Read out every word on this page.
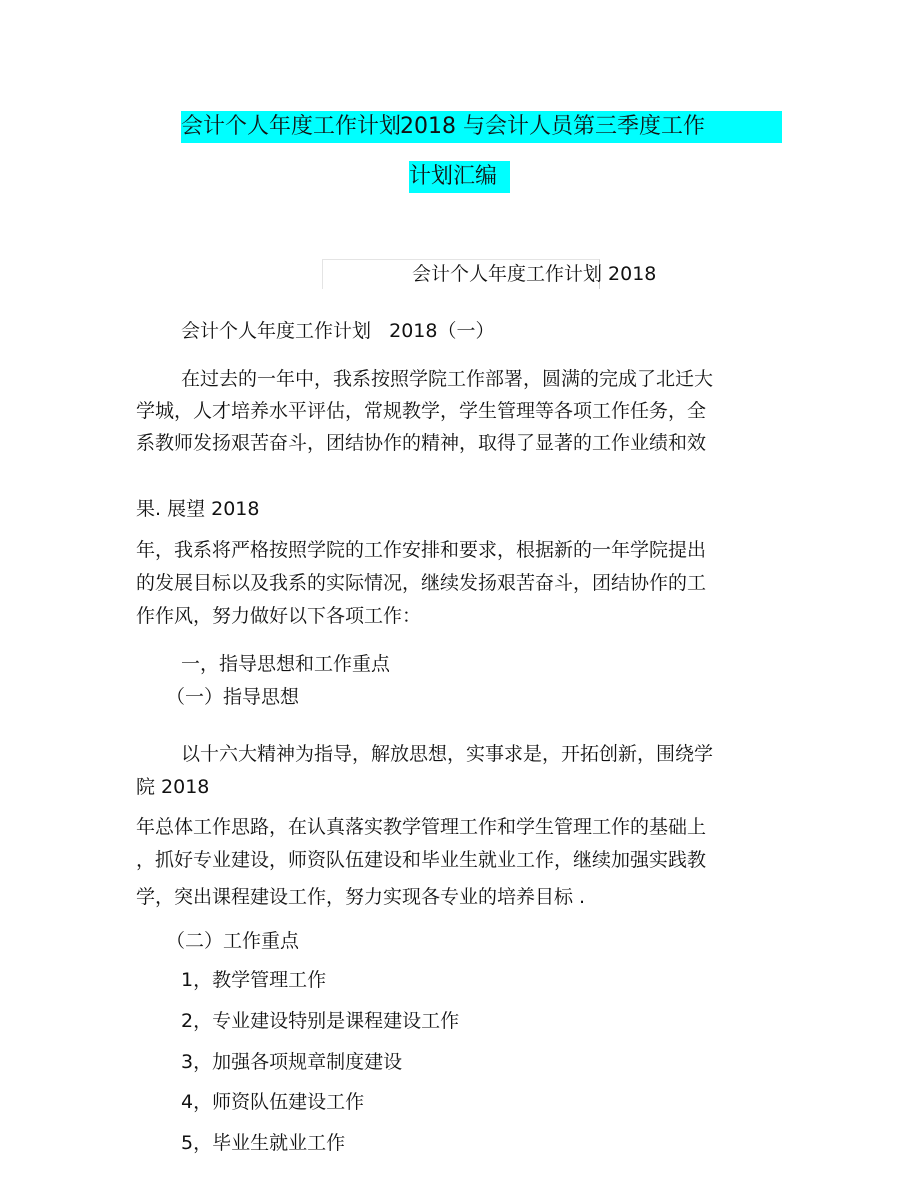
会计个人年度工作计划
2018 与会计人员第三季度工作
计划汇编
会计个人年度工作计划 2018
会计个人年度工作计划   2018（一）
在过去的一年中，我系按照学院工作部署，圆满的完成了北迁大
学城，人才培养水平评估，常规教学，学生管理等各项工作任务，全
系教师发扬艰苦奋斗，团结协作的精神，取得了显著的工作业绩和效
果. 展望 2018
年，我系将严格按照学院的工作安排和要求，根据新的一年学院提出
的发展目标以及我系的实际情况，继续发扬艰苦奋斗，团结协作的工
作作风，努力做好以下各项工作：
一，指导思想和工作重点
（一）指导思想
以十六大精神为指导，解放思想，实事求是，开拓创新，围绕学
院 2018
年总体工作思路，在认真落实教学管理工作和学生管理工作的基础上
，抓好专业建设，师资队伍建设和毕业生就业工作，继续加强实践教
学，突出课程建设工作，努力实现各专业的培养目标 .
（二）工作重点
1，教学管理工作
2，专业建设特别是课程建设工作
3，加强各项规章制度建设
4，师资队伍建设工作
5，毕业生就业工作
